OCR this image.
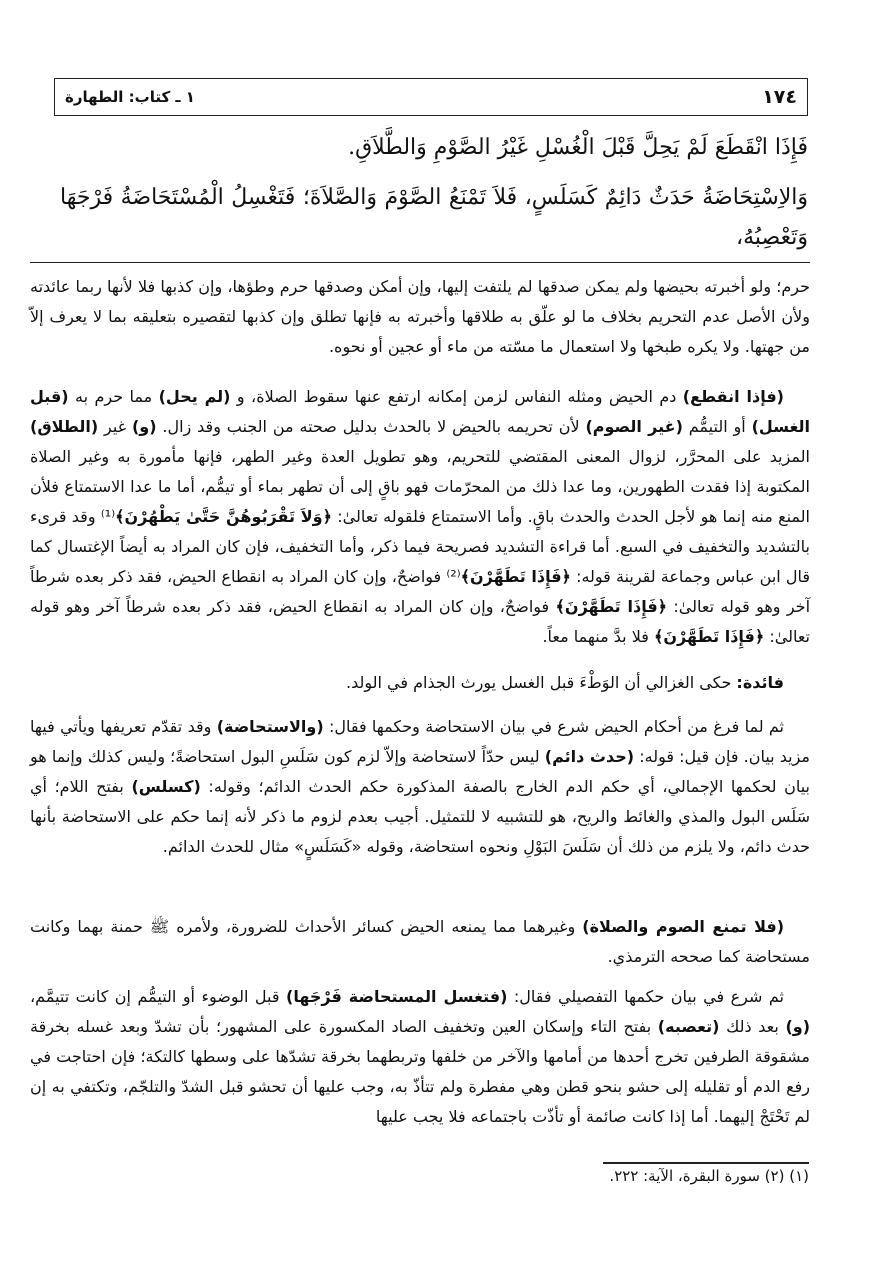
١٧٤
١ ـ كتاب: الطهارة
فَإِذَا انْقَطَعَ لَمْ يَحِلَّ قَبْلَ الْغُسْلِ غَيْرُ الصَّوْمِ وَالطَّلاَقِ.
وَالاِسْتِحَاضَةُ حَدَثٌ دَائِمٌ كَسَلَسٍ، فَلاَ تَمْنَعُ الصَّوْمَ وَالصَّلاَةَ؛ فَتَغْسِلُ الْمُسْتَحَاضَةُ فَرْجَهَا وَتَعْصِبُهُ،
حرم؛ ولو أخبرته بحيضها ولم يمكن صدقها لم يلتفت إليها، وإن أمكن وصدقها حرم وطؤها، وإن كذبها فلا لأنها ربما عائدته ولأن الأصل عدم التحريم بخلاف ما لو علّق به طلاقها وأخبرته به فإنها تطلق وإن كذبها لتقصيره بتعليقه بما لا يعرف إلاّ من جهتها. ولا يكره طبخها ولا استعمال ما مسّته من ماء أو عجين أو نحوه.
(فإذا انقطع) دم الحيض ومثله النفاس لزمن إمكانه ارتفع عنها سقوط الصلاة، و (لم يحل) مما حرم به (قبل الغسل) أو التيمُّم (غير الصوم) لأن تحريمه بالحيض لا بالحدث بدليل صحته من الجنب وقد زال. (و) غير (الطلاق) المزيد على المحرَّر، لزوال المعنى المقتضي للتحريم، وهو تطويل العدة وغير الطهر، فإنها مأمورة به وغير الصلاة المكتوبة إذا فقدت الطهورين، وما عدا ذلك من المحرّمات فهو باقٍ إلى أن تطهر بماء أو تيمُّم، أما ما عدا الاستمتاع فلأن المنع منه إنما هو لأجل الحدث والحدث باقٍ. وأما الاستمتاع فلقوله تعالىٰ: ﴿وَلاَ تَقْرَبُوهُنَّ حَتَّىٰ يَطْهُرْنَ﴾⁽¹⁾ وقد قرىء بالتشديد والتخفيف في السبع. أما قراءة التشديد فصريحة فيما ذكر، وأما التخفيف، فإن كان المراد به أيضاً الإغتسال كما قال ابن عباس وجماعة لقرينة قوله: ﴿فَإِذَا تَطَهَّرْنَ﴾⁽²⁾ فواضحٌ، وإن كان المراد به انقطاع الحيض، فقد ذكر بعده شرطاً آخر وهو قوله تعالىٰ: ﴿فَإِذَا تَطَهَّرْنَ﴾ فواضحٌ، وإن كان المراد به انقطاع الحيض، فقد ذكر بعده شرطاً آخر وهو قوله تعالىٰ: ﴿فَإِذَا تَطَهَّرْنَ﴾ فلا بدَّ منهما معاً.
فائدة: حكى الغزالي أن الوَطْءَ قبل الغسل يورث الجذام في الولد.
ثم لما فرغ من أحكام الحيض شرع في بيان الاستحاضة وحكمها فقال: (والاستحاضة) وقد تقدّم تعريفها ويأتي فيها مزيد بيان. فإن قيل: قوله: (حدث دائم) ليس حدّاً لاستحاضة وإلاّ لزم كون سَلَسِ البول استحاضةً؛ وليس كذلك وإنما هو بيان لحكمها الإجمالي، أي حكم الدم الخارج بالصفة المذكورة حكم الحدث الدائم؛ وقوله: (كسلس) بفتح اللام؛ أي سَلَس البول والمذي والغائط والريح، هو للتشبيه لا للتمثيل. أجيب بعدم لزوم ما ذكر لأنه إنما حكم على الاستحاضة بأنها حدث دائم، ولا يلزم من ذلك أن سَلَسَ البَوْلِ ونحوه استحاضة، وقوله «كَسَلَسٍ» مثال للحدث الدائم.
(فلا تمنع الصوم والصلاة) وغيرهما مما يمنعه الحيض كسائر الأحداث للضرورة، ولأمره ﷺ حمنة بهما وكانت مستحاضة كما صححه الترمذي.
ثم شرع في بيان حكمها التفصيلي فقال: (فتغسل المستحاضة فَرْجَها) قبل الوضوء أو التيمُّم إن كانت تتيمَّم، (و) بعد ذلك (تعصبه) بفتح التاء وإسكان العين وتخفيف الصاد المكسورة على المشهور؛ بأن تشدّ وبعد غسله بخرقة مشقوقة الطرفين تخرج أحدها من أمامها والآخر من خلفها وتربطهما بخرقة تشدّها على وسطها كالتكة؛ فإن احتاجت في رفع الدم أو تقليله إلى حشو بنحو قطن وهي مفطرة ولم تتأذّ به، وجب عليها أن تحشو قبل الشدّ والتلجّم، وتكتفي به إن لم تَحْتَجْ إليهما. أما إذا كانت صائمة أو تأذّت باجتماعه فلا يجب عليها
(١) (٢) سورة البقرة، الآية: ٢٢٢.
